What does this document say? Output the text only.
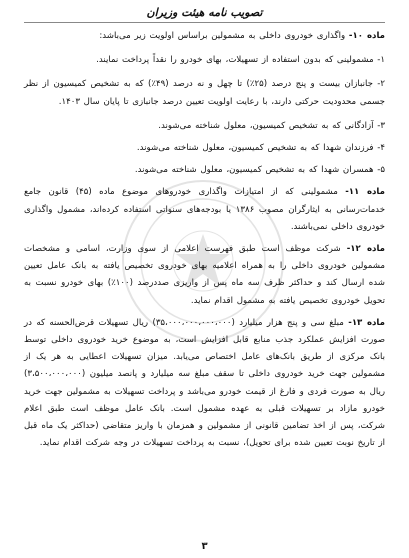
تصویب نامه هیئت وزیران

ماده ۱۰- واگذاری خودروی داخلی به مشمولین براساس اولویت زیر می‌باشد:

۱- مشمولینی که بدون استفاده از تسهیلات، بهای خودرو را نقداً پرداخت نمایند.

۲- جانبازان بیست و پنج درصد (۲۵٪) تا چهل و نه درصد (۴۹٪) که به تشخیص کمیسیون از نظر جسمی محدودیت حرکتی دارند، با رعایت اولویت تعیین درصد جانبازی تا پایان سال ۱۴۰۳.

۳- آزادگانی که به تشخیص کمیسیون، معلول شناخته می‌شوند.

۴- فرزندان شهدا که به تشخیص کمیسیون، معلول شناخته می‌شوند.

۵- همسران شهدا که به تشخیص کمیسیون، معلول شناخته می‌شوند.

ماده ۱۱- مشمولینی که از امتیازات واگذاری خودروهای موضوع ماده (۴۵) قانون جامع خدمات‌رسانی به ایثارگران مصوب ۱۳۸۶ یا بودجه‌های سنواتی استفاده کرده‌اند، مشمول واگذاری خودروی داخلی نمی‌باشند.

ماده ۱۲- شرکت موظف است طبق فهرست اعلامی از سوی وزارت، اسامی و مشخصات مشمولین خودروی داخلی را به همراه اعلامیه بهای خودروی تخصیص یافته به بانک عامل تعیین شده ارسال کند و حداکثر ظرف سه ماه پس از واریزی صددرصد (۱۰۰٪) بهای خودرو نسبت به تحویل خودروی تخصیص یافته به مشمول اقدام نماید.

ماده ۱۳- مبلغ سی و پنج هزار میلیارد (۳۵،۰۰۰،۰۰۰،۰۰۰،۰۰۰) ریال تسهیلات قرض‌الحسنه که در صورت افزایش عملکرد جذب منابع قابل افزایش است، به موضوع خرید خودروی داخلی توسط بانک مرکزی از طریق بانک‌های عامل اختصاص می‌یابد. میزان تسهیلات اعطایی به هر یک از مشمولین جهت خرید خودروی داخلی تا سقف مبلغ سه میلیارد و پانصد میلیون (۳،۵۰۰،۰۰۰،۰۰۰) ریال به صورت فردی و فارغ از قیمت خودرو می‌باشد و پرداخت تسهیلات به مشمولین جهت خرید خودرو مازاد بر تسهیلات قبلی به عهده مشمول است. بانک عامل موظف است طبق اعلام شرکت، پس از اخذ تضامین قانونی از مشمولین و همزمان با واریز متقاضی (حداکثر یک ماه قبل از تاریخ نوبت تعیین شده برای تحویل)، نسبت به پرداخت تسهیلات در وجه شرکت اقدام نماید.

۳
